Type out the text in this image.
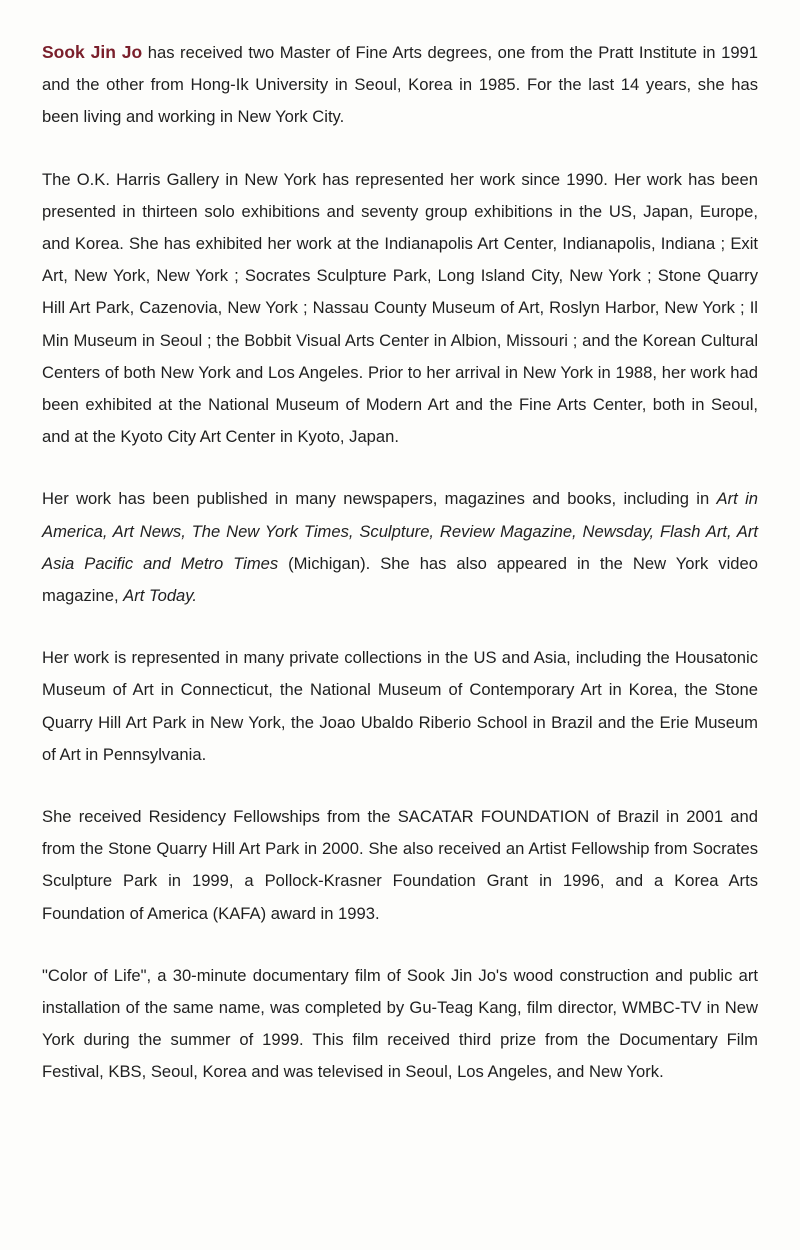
Sook Jin Jo has received two Master of Fine Arts degrees, one from the Pratt Institute in 1991 and the other from Hong-Ik University in Seoul, Korea in 1985. For the last 14 years, she has been living and working in New York City.

The O.K. Harris Gallery in New York has represented her work since 1990. Her work has been presented in thirteen solo exhibitions and seventy group exhibitions in the US, Japan, Europe, and Korea. She has exhibited her work at the Indianapolis Art Center, Indianapolis, Indiana ; Exit Art, New York, New York ; Socrates Sculpture Park, Long Island City, New York ; Stone Quarry Hill Art Park, Cazenovia, New York ; Nassau County Museum of Art, Roslyn Harbor, New York ; Il Min Museum in Seoul ; the Bobbit Visual Arts Center in Albion, Missouri ; and the Korean Cultural Centers of both New York and Los Angeles. Prior to her arrival in New York in 1988, her work had been exhibited at the National Museum of Modern Art and the Fine Arts Center, both in Seoul, and at the Kyoto City Art Center in Kyoto, Japan.

Her work has been published in many newspapers, magazines and books, including in Art in America, Art News, The New York Times, Sculpture, Review Magazine, Newsday, Flash Art, Art Asia Pacific and Metro Times (Michigan). She has also appeared in the New York video magazine, Art Today.

Her work is represented in many private collections in the US and Asia, including the Housatonic Museum of Art in Connecticut, the National Museum of Contemporary Art in Korea, the Stone Quarry Hill Art Park in New York, the Joao Ubaldo Riberio School in Brazil and the Erie Museum of Art in Pennsylvania.

She received Residency Fellowships from the SACATAR FOUNDATION of Brazil in 2001 and from the Stone Quarry Hill Art Park in 2000. She also received an Artist Fellowship from Socrates Sculpture Park in 1999, a Pollock-Krasner Foundation Grant in 1996, and a Korea Arts Foundation of America (KAFA) award in 1993.

"Color of Life", a 30-minute documentary film of Sook Jin Jo's wood construction and public art installation of the same name, was completed by Gu-Teag Kang, film director, WMBC-TV in New York during the summer of 1999. This film received third prize from the Documentary Film Festival, KBS, Seoul, Korea and was televised in Seoul, Los Angeles, and New York.
